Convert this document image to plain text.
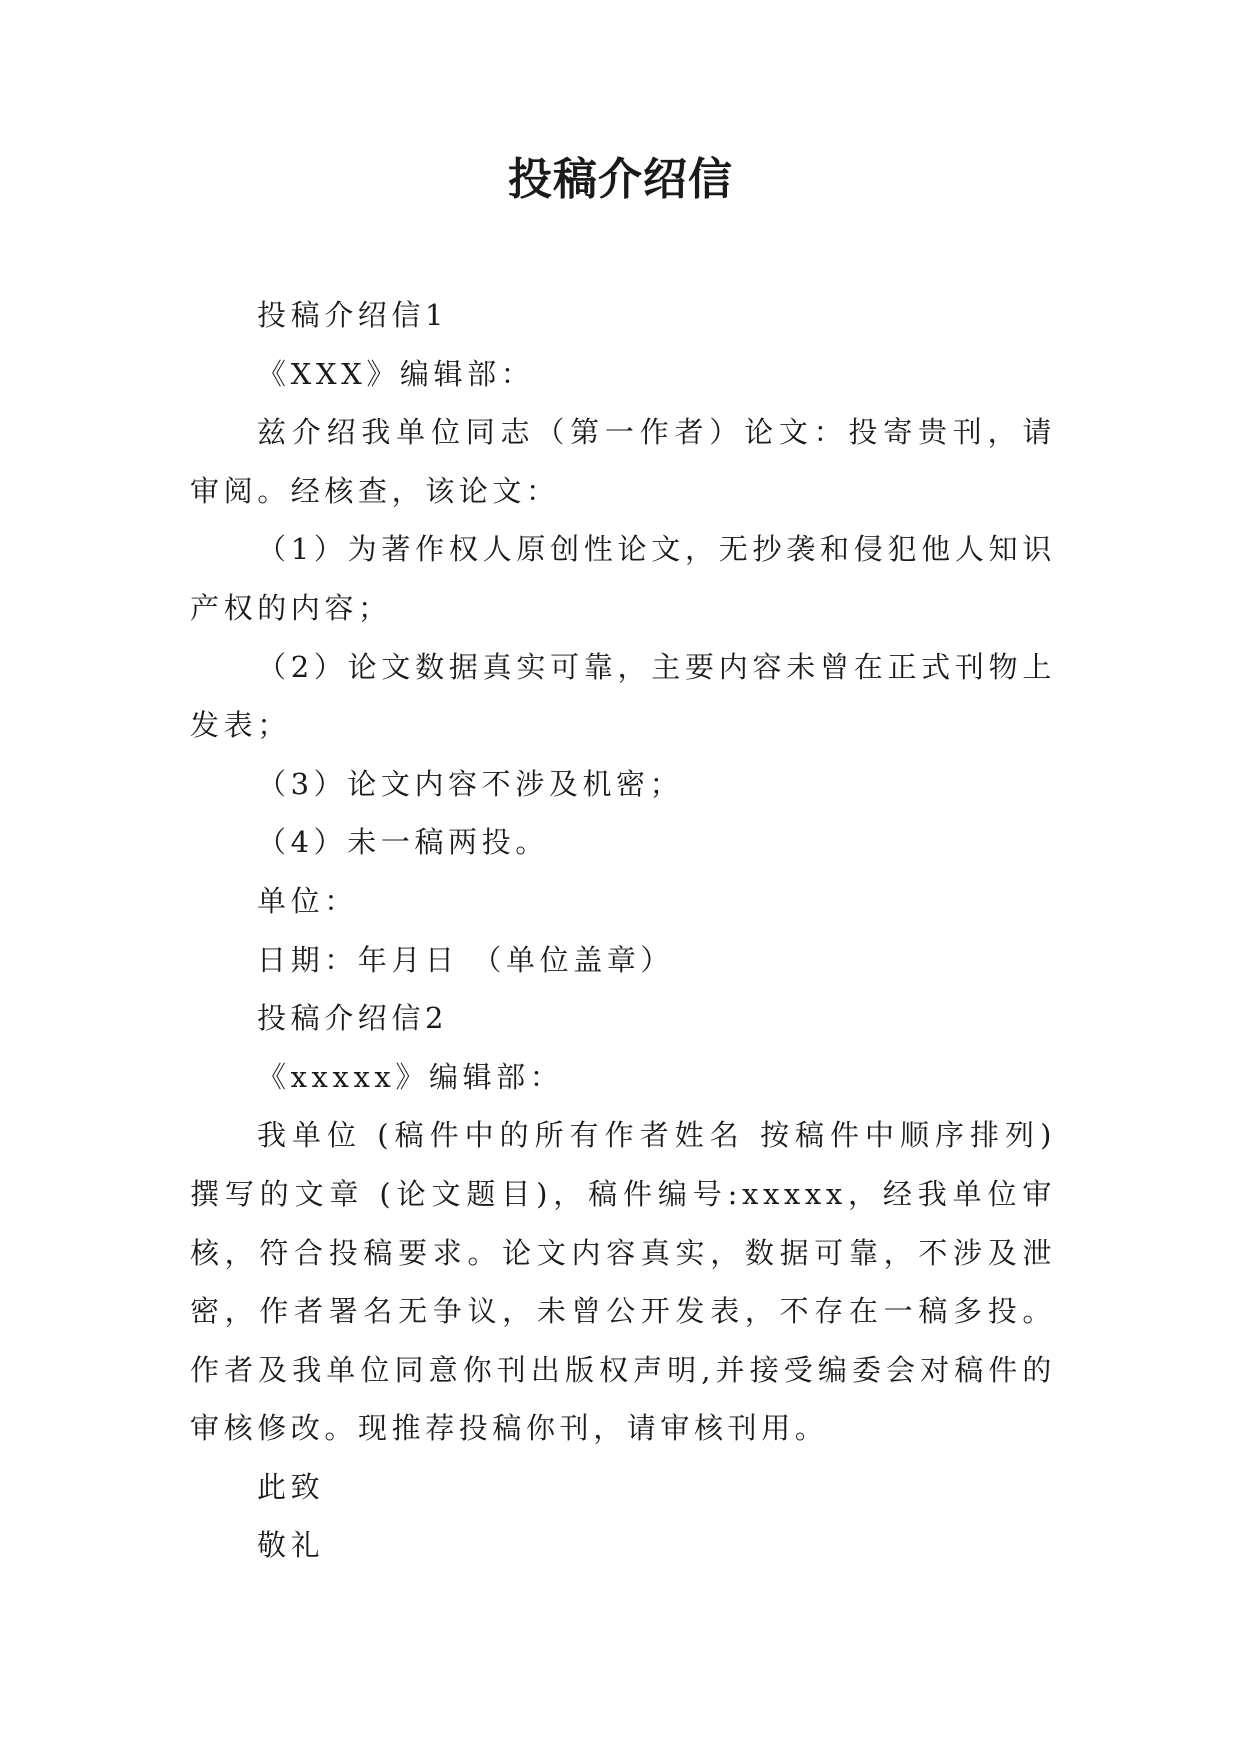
投稿介绍信

投稿介绍信1

《XXX》编辑部：

兹介绍我单位同志（第一作者）论文：投寄贵刊，请审阅。经核查，该论文：

（1）为著作权人原创性论文，无抄袭和侵犯他人知识产权的内容；

（2）论文数据真实可靠，主要内容未曾在正式刊物上发表；

（3）论文内容不涉及机密；

（4）未一稿两投。

单位：

日期：年月日 （单位盖章）

投稿介绍信2

《xxxxx》编辑部：

我单位 (稿件中的所有作者姓名 按稿件中顺序排列) 撰写的文章 (论文题目)，稿件编号:xxxxx，经我单位审核，符合投稿要求。论文内容真实，数据可靠，不涉及泄密，作者署名无争议，未曾公开发表，不存在一稿多投。作者及我单位同意你刊出版权声明,并接受编委会对稿件的审核修改。现推荐投稿你刊，请审核刊用。

此致

敬礼
